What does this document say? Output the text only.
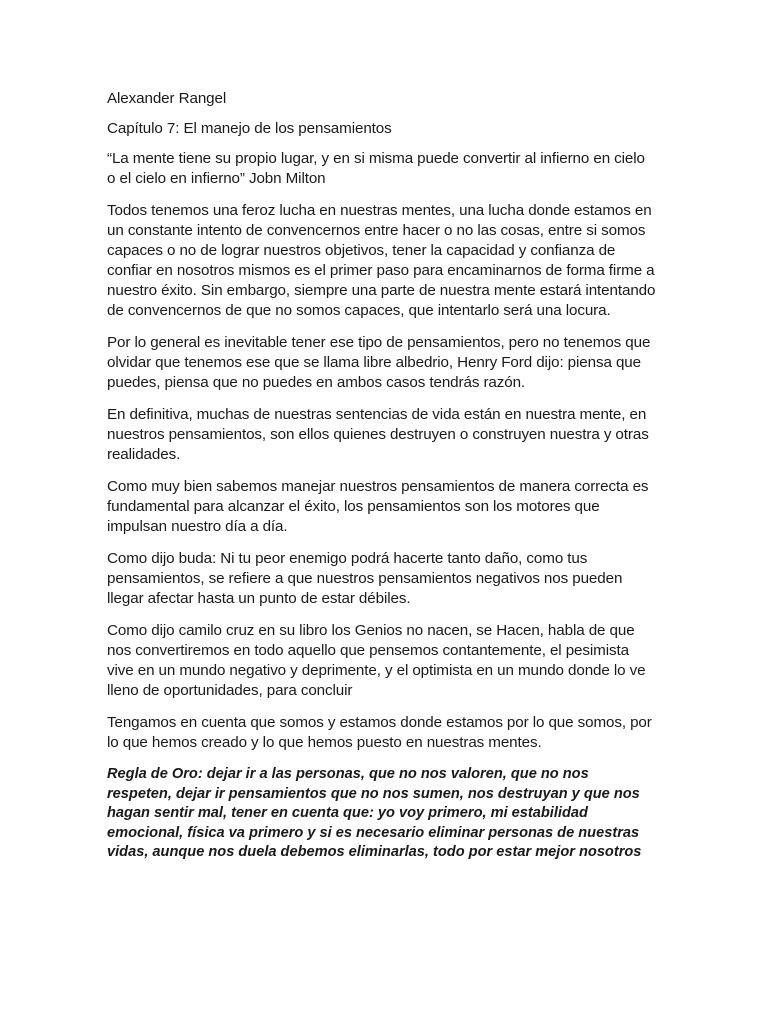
Alexander Rangel
Capítulo 7: El manejo de los pensamientos
“La mente tiene su propio lugar, y en si misma puede convertir al infierno en cielo
o el cielo en infierno” Jobn Milton
Todos tenemos una feroz lucha en nuestras mentes, una lucha donde estamos en
un constante intento de convencernos entre hacer o no las cosas, entre si somos
capaces o no de lograr nuestros objetivos, tener la capacidad y confianza de
confiar en nosotros mismos es el primer paso para encaminarnos de forma firme a
nuestro éxito. Sin embargo, siempre una parte de nuestra mente estará intentando
de convencernos de que no somos capaces, que intentarlo será una locura.
Por lo general es inevitable tener ese tipo de pensamientos, pero no tenemos que
olvidar que tenemos ese que se llama libre albedrio, Henry Ford dijo: piensa que
puedes, piensa que no puedes en ambos casos tendrás razón.
En definitiva, muchas de nuestras sentencias de vida están en nuestra mente, en
nuestros pensamientos, son ellos quienes destruyen o construyen nuestra y otras
realidades.
Como muy bien sabemos manejar nuestros pensamientos de manera correcta es
fundamental para alcanzar el éxito, los pensamientos son los motores que
impulsan nuestro día a día.
Como dijo buda: Ni tu peor enemigo podrá hacerte tanto daño, como tus
pensamientos, se refiere a que nuestros pensamientos negativos nos pueden
llegar afectar hasta un punto de estar débiles.
Como dijo camilo cruz en su libro los Genios no nacen, se Hacen, habla de que
nos convertiremos en todo aquello que pensemos contantemente, el pesimista
vive en un mundo negativo y deprimente, y el optimista en un mundo donde lo ve
lleno de oportunidades, para concluir
Tengamos en cuenta que somos y estamos donde estamos por lo que somos, por
lo que hemos creado y lo que hemos puesto en nuestras mentes.
Regla de Oro: dejar ir a las personas, que no nos valoren, que no nos
respeten, dejar ir pensamientos que no nos sumen, nos destruyan y que nos
hagan sentir mal, tener en cuenta que: yo voy primero, mi estabilidad
emocional, física va primero y si es necesario eliminar personas de nuestras
vidas, aunque nos duela debemos eliminarlas, todo por estar mejor nosotros
